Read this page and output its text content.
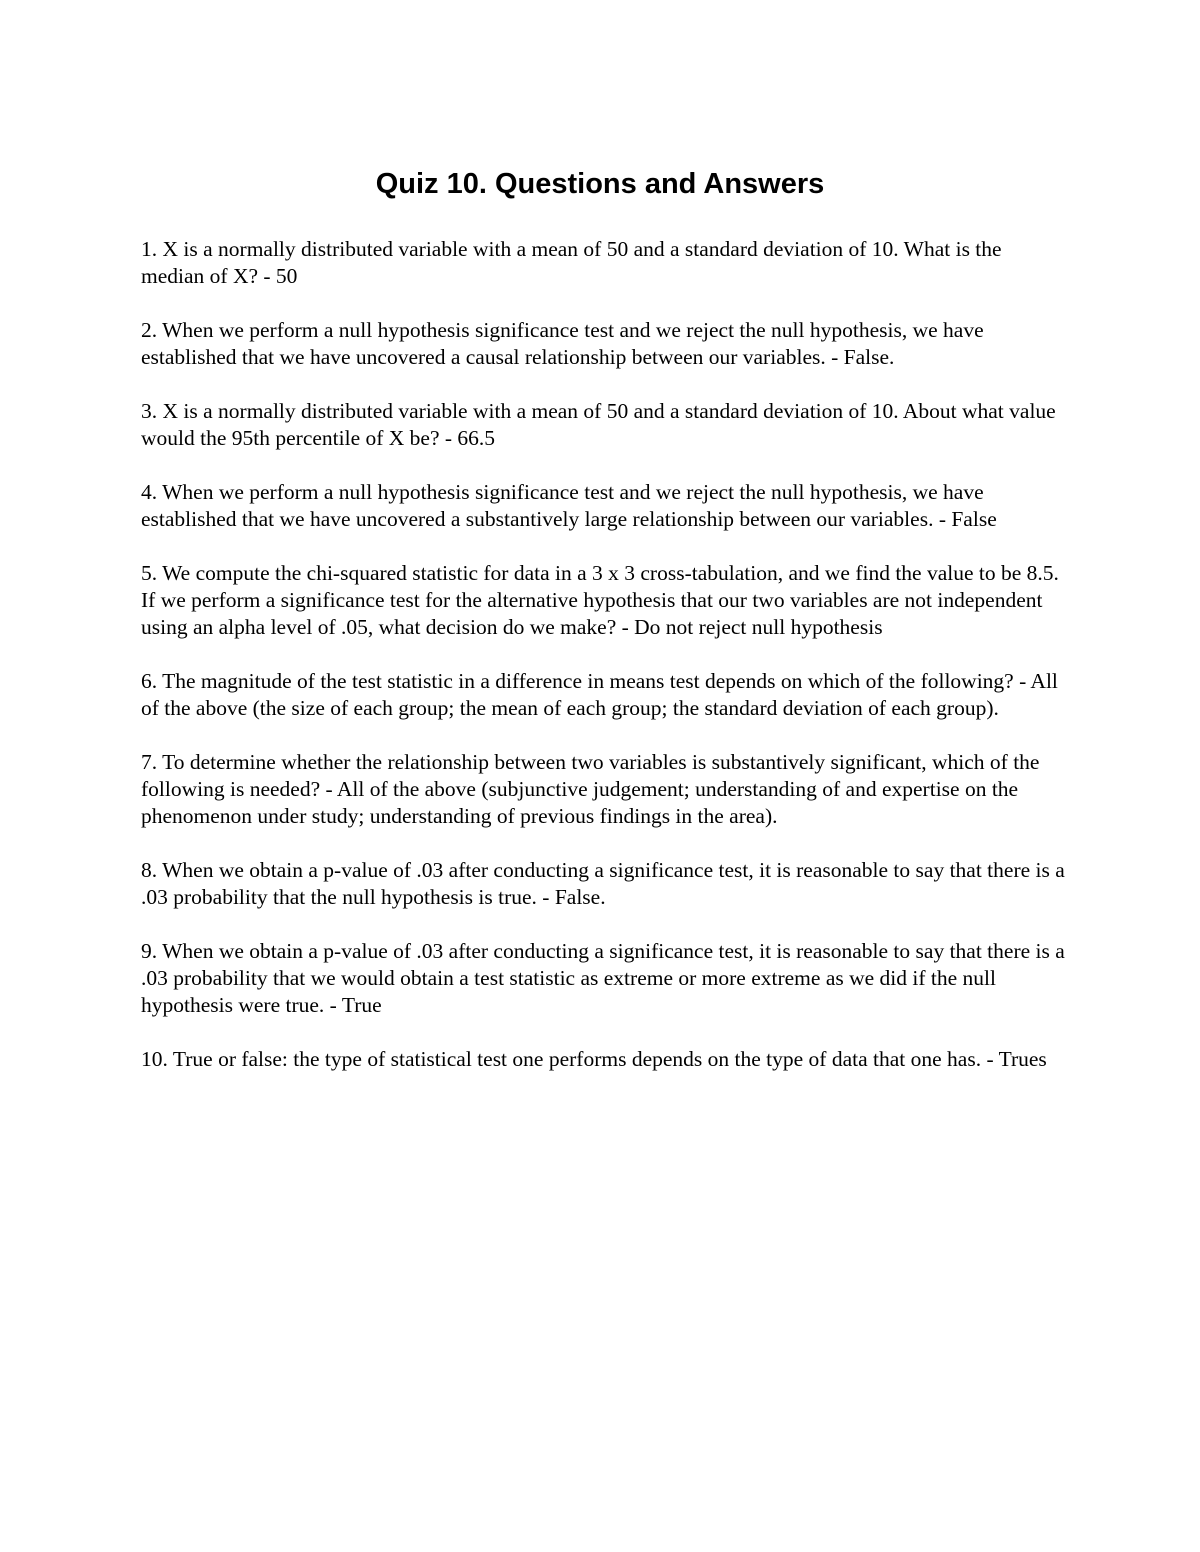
Quiz 10. Questions and Answers

1. X is a normally distributed variable with a mean of 50 and a standard deviation of 10. What is the median of X? - 50

2. When we perform a null hypothesis significance test and we reject the null hypothesis, we have established that we have uncovered a causal relationship between our variables. - False.

3. X is a normally distributed variable with a mean of 50 and a standard deviation of 10. About what value would the 95th percentile of X be? - 66.5

4. When we perform a null hypothesis significance test and we reject the null hypothesis, we have established that we have uncovered a substantively large relationship between our variables. - False

5. We compute the chi-squared statistic for data in a 3 x 3 cross-tabulation, and we find the value to be 8.5. If we perform a significance test for the alternative hypothesis that our two variables are not independent using an alpha level of .05, what decision do we make? - Do not reject null hypothesis

6. The magnitude of the test statistic in a difference in means test depends on which of the following? - All of the above (the size of each group; the mean of each group; the standard deviation of each group).

7. To determine whether the relationship between two variables is substantively significant, which of the following is needed? - All of the above (subjunctive judgement; understanding of and expertise on the phenomenon under study; understanding of previous findings in the area).

8. When we obtain a p-value of .03 after conducting a significance test, it is reasonable to say that there is a .03 probability that the null hypothesis is true. - False.

9. When we obtain a p-value of .03 after conducting a significance test, it is reasonable to say that there is a .03 probability that we would obtain a test statistic as extreme or more extreme as we did if the null hypothesis were true. - True

10. True or false: the type of statistical test one performs depends on the type of data that one has. - Trues
